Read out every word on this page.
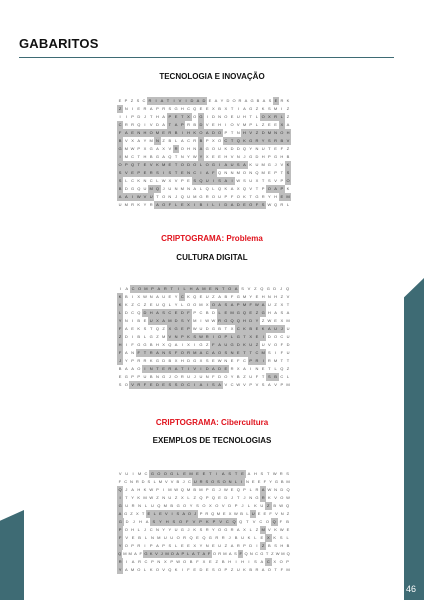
GABARITOS
TECNOLOGIA E INOVAÇÃO
E P Z S C R	I	A T	I	V	I D A D E A Y D O R A G B A S E R K
Z N	I	E R A P R S G H C Q E E X B X T	I	A G Z K S M I	Z
I	I	P D J T H A P E T X O G	I	D N O E U H T L O X R L Z
C R R Q	I	V D A T A P R B D V E H	I	O V M P L Z E E X A
F A E N H O M E R B	I	H K O A D O P T N H V Z D M N O H
B V X A Y M N Z B L A C R B P X O C T Q K G R Y S R B V
G M W P X G A X V R O H N A G O U K D D Q Y N U T E F Z
I M C T H B G A Q T N Y W Y X E E H V N J G D H P G H B
O P Q T E V K M E T O D O L O G	I	A U S A K U M G J V K
S V E P E R S	I	S T E N C	I	A F Q N N M O N Q M E P T S
S L C K N C L W X V P E S Q U	I	S A	I W S U X T S V P O
B D G Q U M Q J U N M N A L Q L Q K A X Q V T P O A P K
A A	I W V U T O N J Q U M G R O U P F O K T G R Y H E M
U M R K Y R A O F L E X	I	B	I	L	I	D A D E O F S W Q R L
CRIPTOGRAMA: Problema
CULTURA DIGITAL
I	A C O M P A R T	I	L H A M E N T O A S V Z Q G D	J Q
K B	I	X W N A U E Y C K Q E U Z A B F G M Y E H N H Z V
K K Z C Z E U Q L Y L O O M X O A S A P M F W A U Z X T
L D C Q D H A S C E D F P C B D L E M G Q E Z G H A S A
Y N	I	B E U X A M D S Y M I W W R G Q Q H D Y Z W E X M
F A E K S T Q Z X G E P W U D G B T X C K B E K A U J U
Z D	I	B L G Z M V N P K S W R	I	O P L G T X E	I	D O C U
H	I	F G G B H X Q A	I	X	I	G Z F A U G D K U Z U V O F D
F A N F T R A N S F O R M A C A O S N E T T C M S	I	F U
J Y P R R K G D B X H D G X S E W N E F C P R	I	R M T T
B A A O	I	N T E R A T	I	V	I	D A D E R X A	I	N E T L Q Z
E G P P U B N G J O R U J U N F D O Y B Z U F T S B C L
S O V R F E D E S S O C	I	A	I	S A V C W V P V S A V P M
CRIPTOGRAMA: Cibercultura
EXEMPLOS DE TECNOLOGIAS
V U	I	M C G O O G L E M E E T	I	A S T E A H S T W R S
F C N R D S L M V V B J C U R S O S O N L	I N E E F Y G B M
Q J A H K W P	I M W Q M B M P G J W E Q P L R A W N D Q
I	T Y K M W Z N U Z X L Z Q P Q E D J T	J N G R K V O W
G U R N L U Q M B G O Y S O X O V D P	J	L K U Z B W Q
A G Z X T E L E V I S A O J P R Q M E X W B L U E E F V N Z
G D	J	H A	S	Y H S O F	V	P	K	P	V C Q Q T	V C O Q F	B
P O H L	J C N Y Y U G J K S R Y O G R A X L Z M V K W E
F V E B L N M U U O R Q E Q G R R	J	B U K L E X K S L
Y O P R	I	P A P S L E E X Y N E U Z A R P D	I	Z B S H B
Q M M A F G K V J M O A P L A T A F O R M A S F Q N C G T Z W M Q
R	I	A R C P N X P W O B F X E Z B H	I	H	I	S A C X O P
Y A M O L K O V Q K	I	F E D E S O P Z U K B R A O T F M
46
